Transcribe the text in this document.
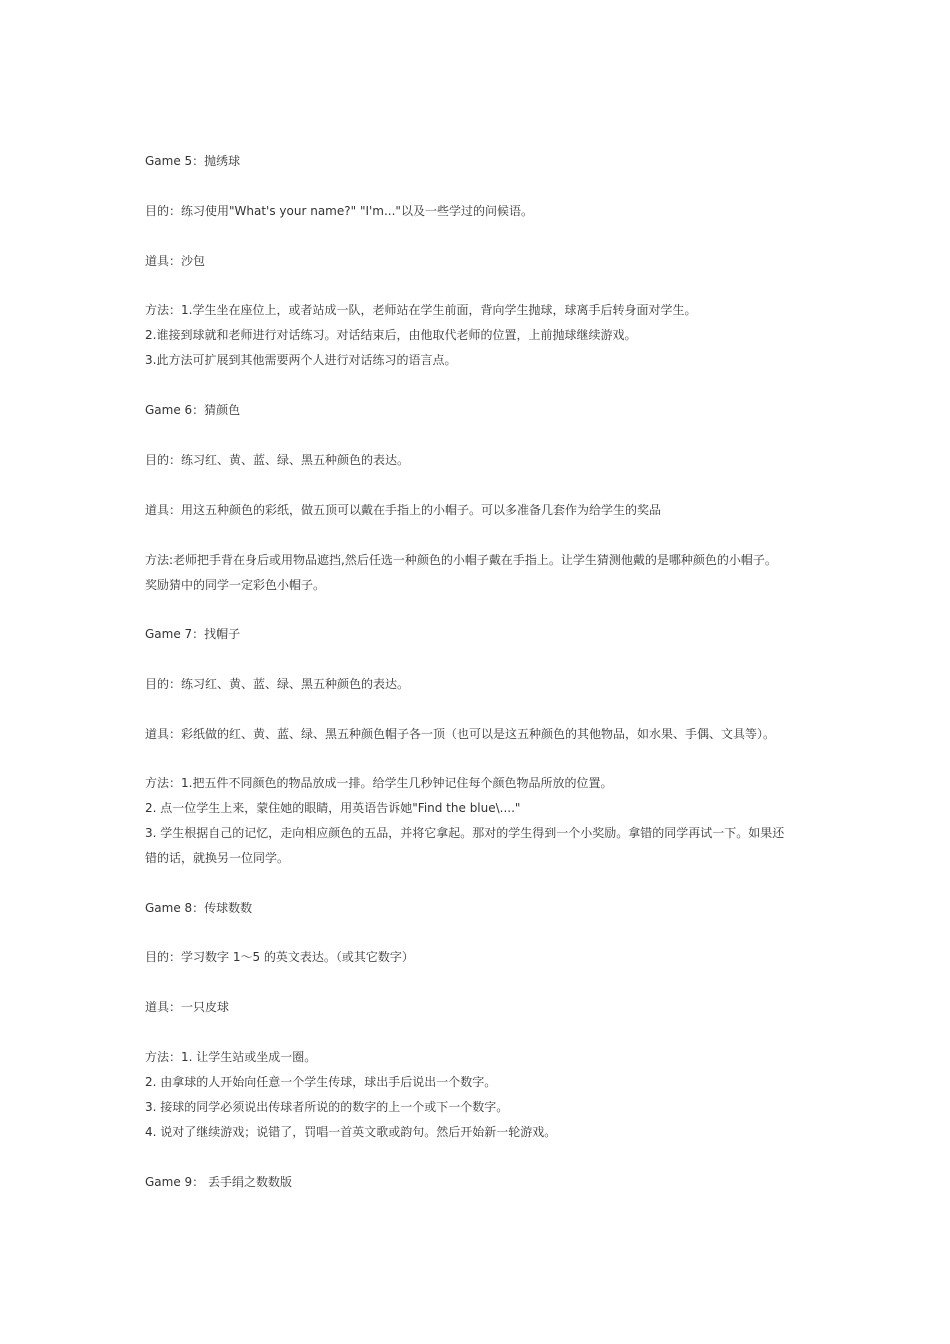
Game 5：抛绣球
目的：练习使用"What's your name?" "I'm..."以及一些学过的问候语。
道具：沙包
方法：1.学生坐在座位上，或者站成一队，老师站在学生前面，背向学生抛球，球离手后转身面对学生。
2.谁接到球就和老师进行对话练习。对话结束后，由他取代老师的位置，上前抛球继续游戏。
3.此方法可扩展到其他需要两个人进行对话练习的语言点。
Game 6：猜颜色
目的：练习红、黄、蓝、绿、黑五种颜色的表达。
道具：用这五种颜色的彩纸，做五顶可以戴在手指上的小帽子。可以多准备几套作为给学生的奖品
方法:老师把手背在身后或用物品遮挡,然后任选一种颜色的小帽子戴在手指上。让学生猜测他戴的是哪种颜色的小帽子。
奖励猜中的同学一定彩色小帽子。
Game 7：找帽子
目的：练习红、黄、蓝、绿、黑五种颜色的表达。
道具：彩纸做的红、黄、蓝、绿、黑五种颜色帽子各一顶（也可以是这五种颜色的其他物品，如水果、手偶、文具等）。
方法：1.把五件不同颜色的物品放成一排。给学生几秒钟记住每个颜色物品所放的位置。
2. 点一位学生上来，蒙住她的眼睛，用英语告诉她"Find the blue\...."
3. 学生根据自己的记忆，走向相应颜色的五品，并将它拿起。那对的学生得到一个小奖励。拿错的同学再试一下。如果还
错的话，就换另一位同学。
Game 8：传球数数
目的：学习数字 1～5 的英文表达。（或其它数字）
道具：一只皮球
方法：1. 让学生站或坐成一圈。
2. 由拿球的人开始向任意一个学生传球，球出手后说出一个数字。
3. 接球的同学必须说出传球者所说的的数字的上一个或下一个数字。
4. 说对了继续游戏；说错了，罚唱一首英文歌或韵句。然后开始新一轮游戏。
Game 9： 丢手绢之数数版
